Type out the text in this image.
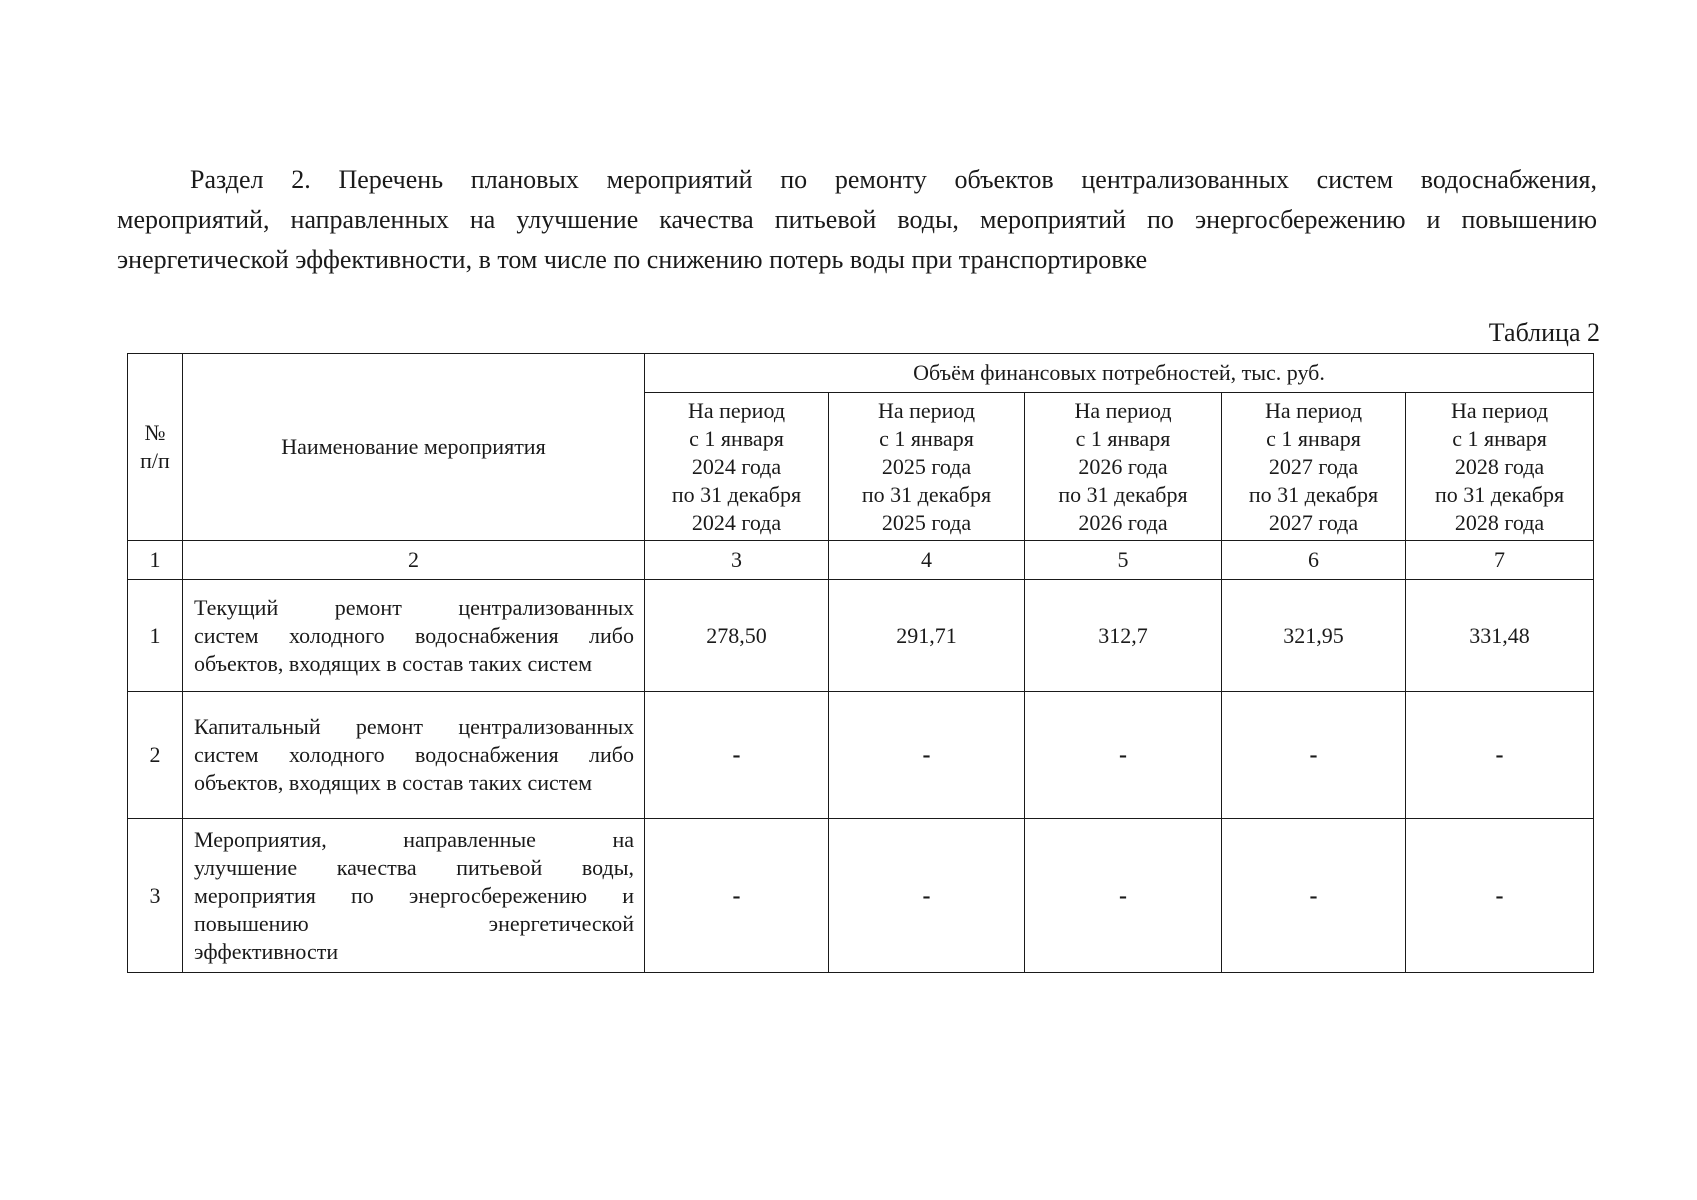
Раздел 2. Перечень плановых мероприятий по ремонту объектов централизованных систем водоснабжения,
мероприятий, направленных на улучшение качества питьевой воды, мероприятий по энергосбережению и повышению
энергетической эффективности, в том числе по снижению потерь воды при транспортировке
Таблица 2
№
п/п	Наименование мероприятия	Объём финансовых потребностей, тыс. руб.				

		На период
с 1 января
2024 года
по 31 декабря
2024 года	На период
с 1 января
2025 года
по 31 декабря
2025 года	На период
с 1 января
2026 года
по 31 декабря
2026 года	На период
с 1 января
2027 года
по 31 декабря
2027 года	На период
с 1 января
2028 года
по 31 декабря
2028 года

1	2	3	4	5	6	7
1	Текущий ремонт централизованных
систем холодного водоснабжения либо
объектов, входящих в состав таких систем	278,50	291,71	312,7	321,95	331,48
2	Капитальный ремонт централизованных
систем холодного водоснабжения либо
объектов, входящих в состав таких систем	-	-	-	-	-
3	Мероприятия, направленные на
улучшение качества питьевой воды,
мероприятия по энергосбережению и
повышению энергетической
эффективности	-	-	-	-	-
